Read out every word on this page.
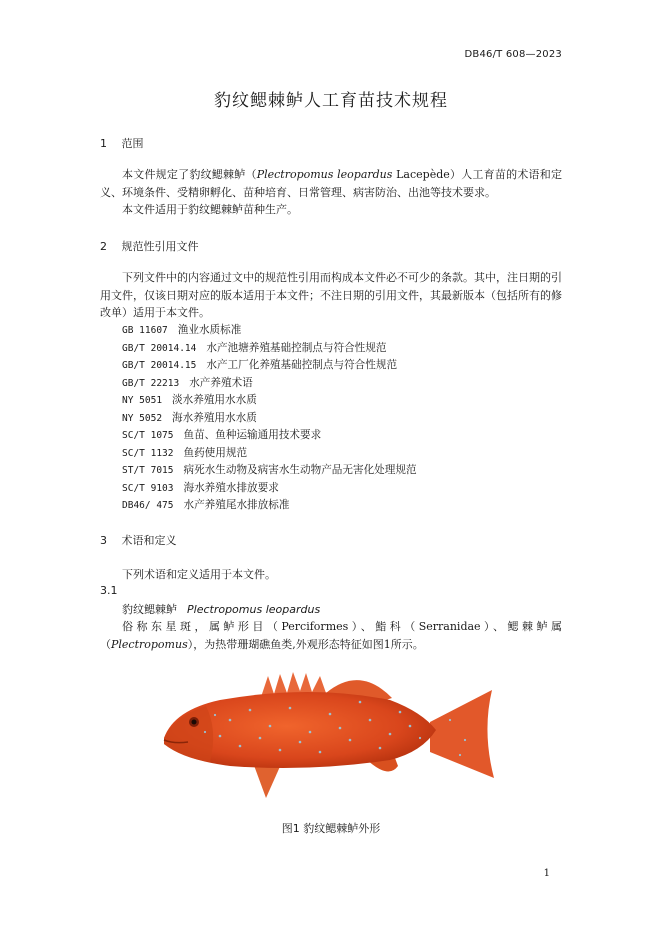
DB46/T 608—2023
豹纹鳃棘鲈人工育苗技术规程
1 范围
本文件规定了豹纹鳃棘鲈（Plectropomus leopardus Lacepède）人工育苗的术语和定义、环境条件、受精卵孵化、苗种培育、日常管理、病害防治、出池等技术要求。
本文件适用于豹纹鳃棘鲈苗种生产。
2 规范性引用文件
下列文件中的内容通过文中的规范性引用而构成本文件必不可少的条款。其中，注日期的引用文件，仅该日期对应的版本适用于本文件；不注日期的引用文件，其最新版本（包括所有的修改单）适用于本文件。
GB 11607 渔业水质标准
GB/T 20014.14 水产池塘养殖基础控制点与符合性规范
GB/T 20014.15 水产工厂化养殖基础控制点与符合性规范
GB/T 22213 水产养殖术语
NY 5051 淡水养殖用水水质
NY 5052 海水养殖用水水质
SC/T 1075 鱼苗、鱼种运输通用技术要求
SC/T 1132 鱼药使用规范
ST/T 7015 病死水生动物及病害水生动物产品无害化处理规范
SC/T 9103 海水养殖水排放要求
DB46/ 475 水产养殖尾水排放标准
3 术语和定义
下列术语和定义适用于本文件。
3.1
豹纹鳃棘鲈 Plectropomus leopardus
俗称东星斑，属鲈形目（Perciformes）、鮨科（Serranidae）、鳃棘鲈属（Plectropomus），为热带珊瑚礁鱼类,外观形态特征如图1所示。
图1 豹纹鳃棘鲈外形
1
